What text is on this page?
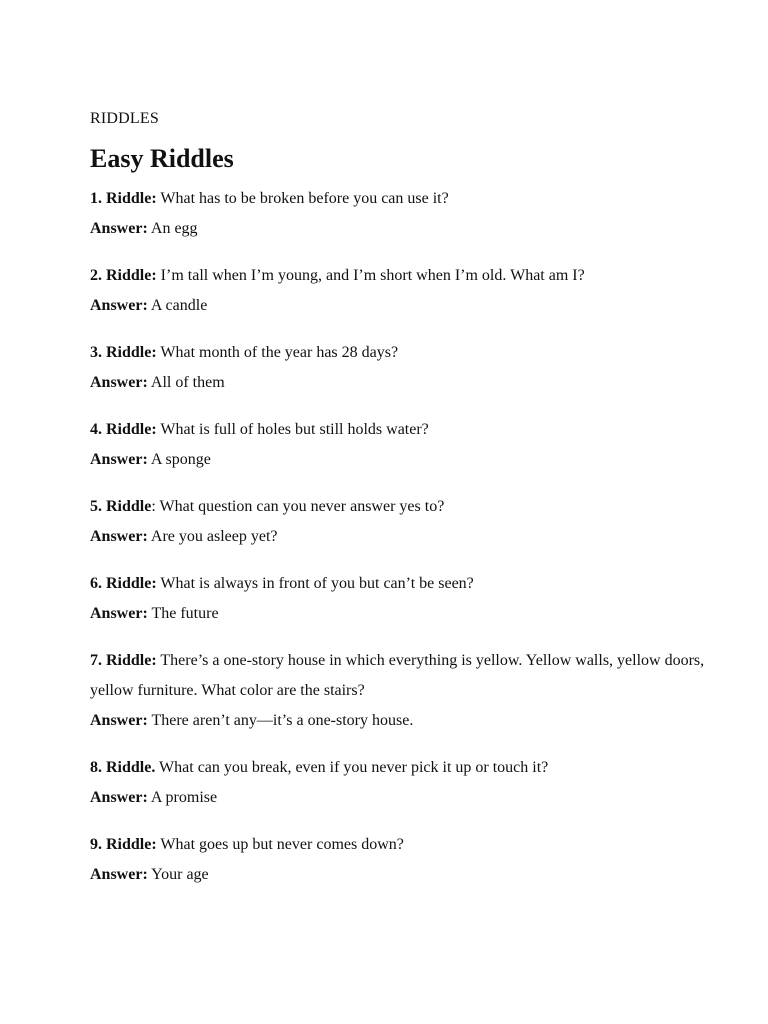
RIDDLES

Easy Riddles

1. Riddle: What has to be broken before you can use it?

Answer: An egg

2. Riddle: I’m tall when I’m young, and I’m short when I’m old. What am I?

Answer: A candle

3. Riddle: What month of the year has 28 days?

Answer: All of them

4. Riddle: What is full of holes but still holds water?

Answer: A sponge

5. Riddle: What question can you never answer yes to?

Answer: Are you asleep yet?

6. Riddle: What is always in front of you but can’t be seen?

Answer: The future

7. Riddle: There’s a one-story house in which everything is yellow. Yellow walls, yellow doors, yellow furniture. What color are the stairs?

Answer: There aren’t any—it’s a one-story house.

8. Riddle. What can you break, even if you never pick it up or touch it?

Answer: A promise

9. Riddle: What goes up but never comes down?

Answer: Your age
